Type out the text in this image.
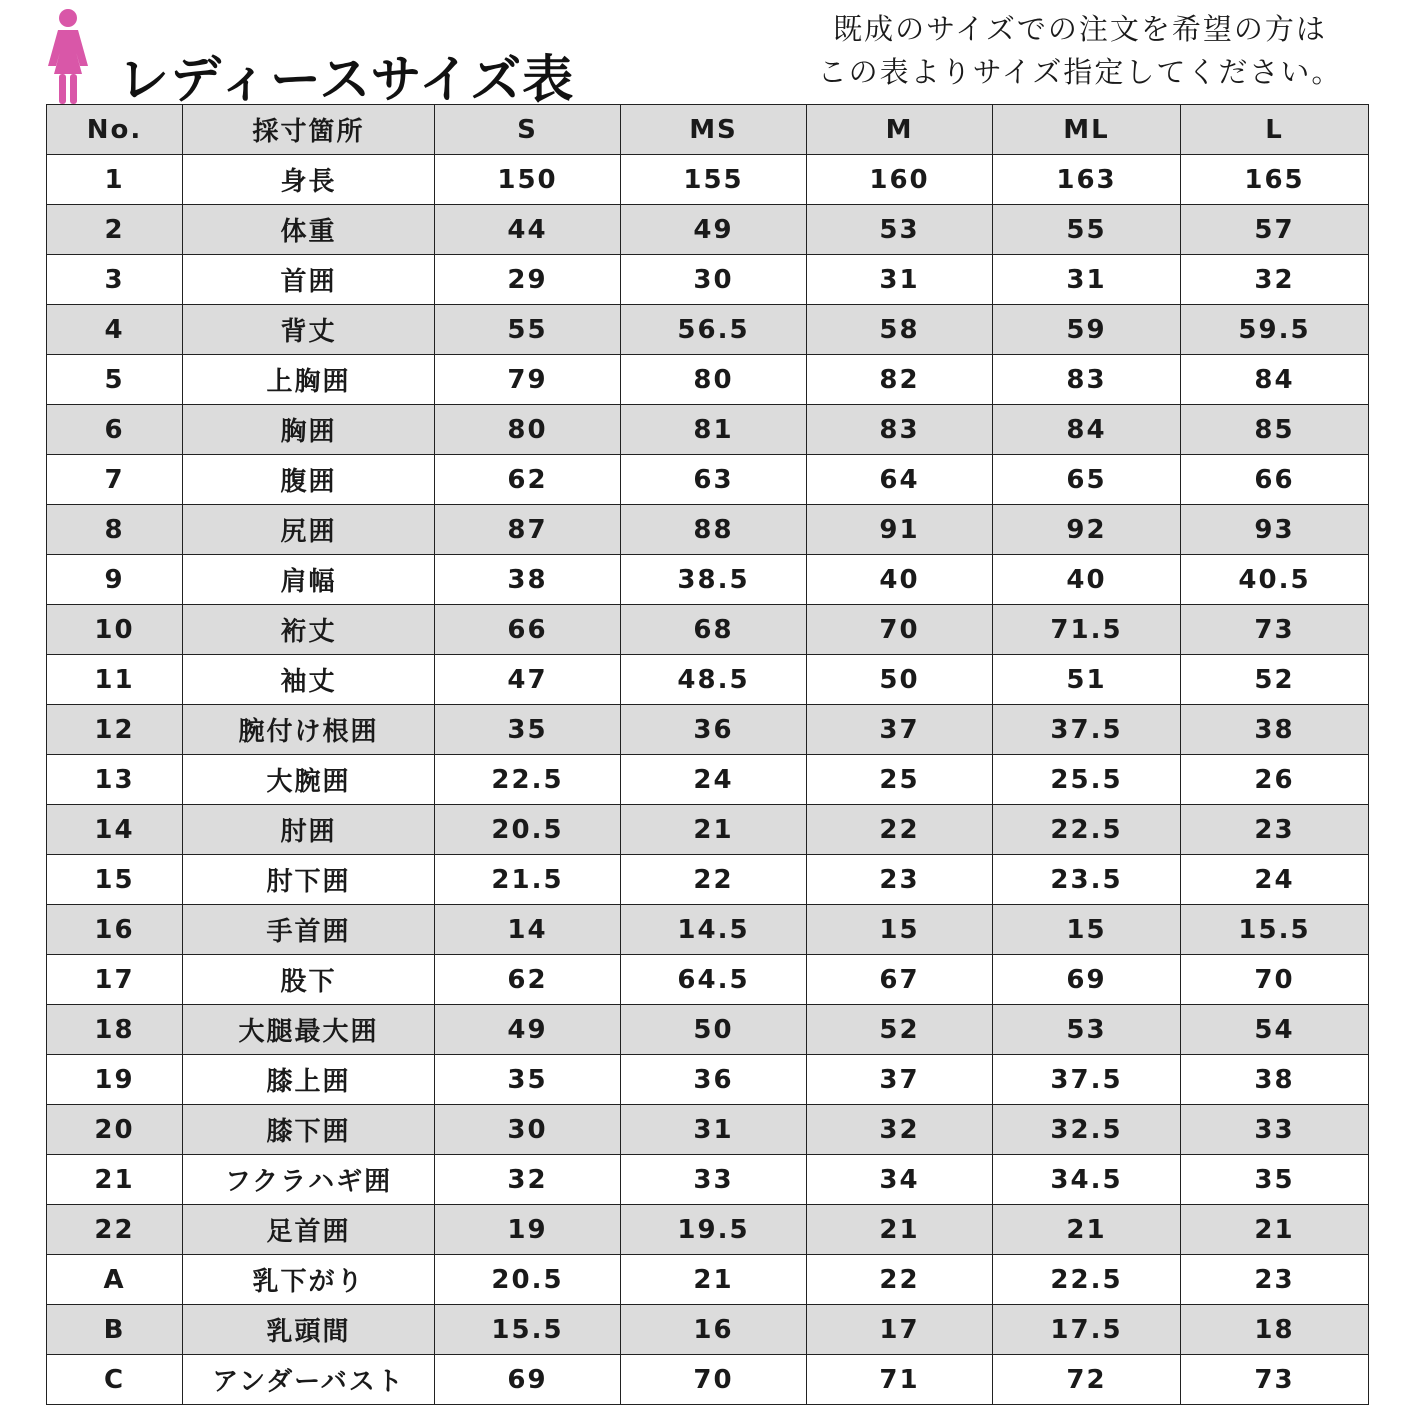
レディースサイズ表
既成のサイズでの注文を希望の方は
この表よりサイズ指定してください。
No.	採寸箇所	S	MS	M	ML	L
1	身長	150	155	160	163	165
2	体重	44	49	53	55	57
3	首囲	29	30	31	31	32
4	背丈	55	56.5	58	59	59.5
5	上胸囲	79	80	82	83	84
6	胸囲	80	81	83	84	85
7	腹囲	62	63	64	65	66
8	尻囲	87	88	91	92	93
9	肩幅	38	38.5	40	40	40.5
10	裄丈	66	68	70	71.5	73
11	袖丈	47	48.5	50	51	52
12	腕付け根囲	35	36	37	37.5	38
13	大腕囲	22.5	24	25	25.5	26
14	肘囲	20.5	21	22	22.5	23
15	肘下囲	21.5	22	23	23.5	24
16	手首囲	14	14.5	15	15	15.5
17	股下	62	64.5	67	69	70
18	大腿最大囲	49	50	52	53	54
19	膝上囲	35	36	37	37.5	38
20	膝下囲	30	31	32	32.5	33
21	フクラハギ囲	32	33	34	34.5	35
22	足首囲	19	19.5	21	21	21
A	乳下がり	20.5	21	22	22.5	23
B	乳頭間	15.5	16	17	17.5	18
C	アンダーバスト	69	70	71	72	73
